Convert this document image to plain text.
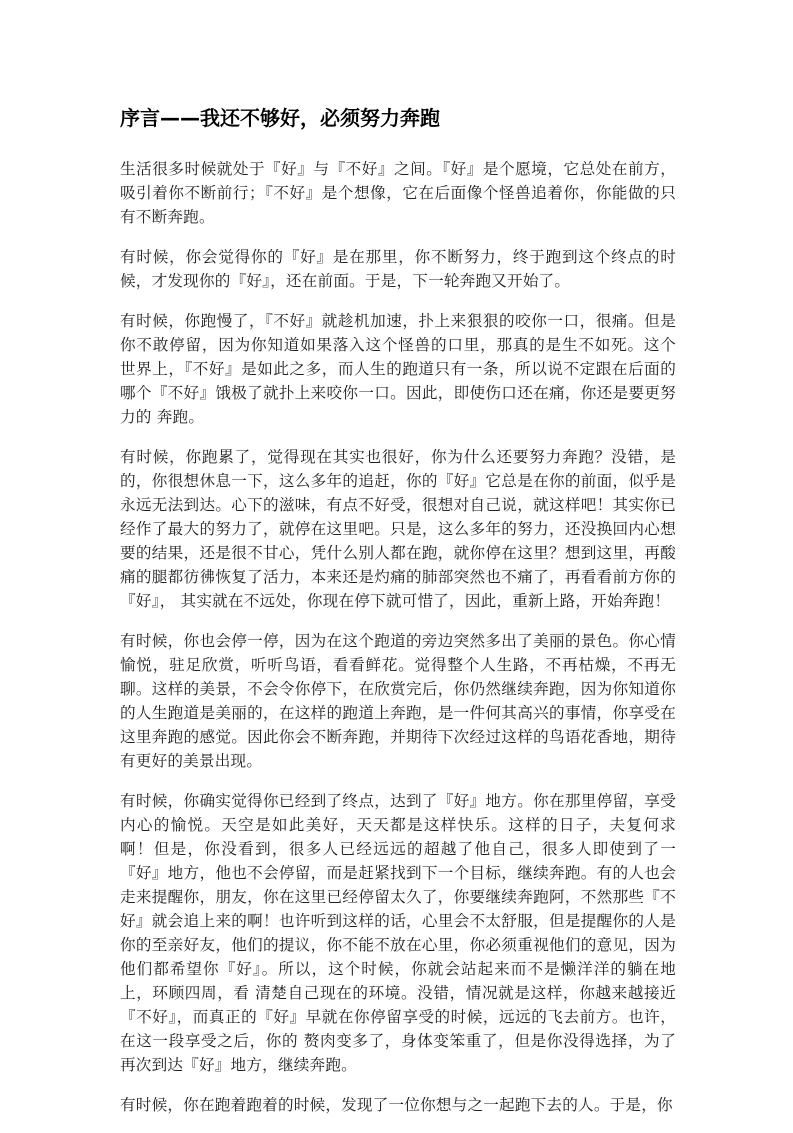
序言——我还不够好，必须努力奔跑

生活很多时候就处于『好』与『不好』之间。『好』是个愿境，它总处在前方，吸引着你不断前行；『不好』是个想像，它在后面像个怪兽追着你，你能做的只有不断奔跑。

有时候，你会觉得你的『好』是在那里，你不断努力，终于跑到这个终点的时候，才发现你的『好』，还在前面。于是，下一轮奔跑又开始了。

有时候，你跑慢了，『不好』就趁机加速，扑上来狠狠的咬你一口，很痛。但是你不敢停留，因为你知道如果落入这个怪兽的口里，那真的是生不如死。这个 世界上，『不好』是如此之多，而人生的跑道只有一条，所以说不定跟在后面的哪个『不好』饿极了就扑上来咬你一口。因此，即使伤口还在痛，你还是要更努力的 奔跑。

有时候，你跑累了，觉得现在其实也很好，你为什么还要努力奔跑？没错，是的，你很想休息一下，这么多年的追赶，你的『好』它总是在你的前面，似乎是 永远无法到达。心下的滋味，有点不好受，很想对自己说，就这样吧！其实你已经作了最大的努力了，就停在这里吧。只是，这么多年的努力，还没换回内心想要的结果，还是很不甘心，凭什么别人都在跑，就你停在这里？想到这里，再酸痛的腿都彷彿恢复了活力，本来还是灼痛的肺部突然也不痛了，再看看前方你的『好』， 其实就在不远处，你现在停下就可惜了，因此，重新上路，开始奔跑！

有时候，你也会停一停，因为在这个跑道的旁边突然多出了美丽的景色。你心情愉悦，驻足欣赏，听听鸟语，看看鲜花。觉得整个人生路，不再枯燥，不再无 聊。这样的美景，不会令你停下，在欣赏完后，你仍然继续奔跑，因为你知道你的人生跑道是美丽的，在这样的跑道上奔跑，是一件何其高兴的事情，你享受在这里奔跑的感觉。因此你会不断奔跑，并期待下次经过这样的鸟语花香地，期待有更好的美景出现。

有时候，你确实觉得你已经到了终点，达到了『好』地方。你在那里停留，享受内心的愉悦。天空是如此美好，天天都是这样快乐。这样的日子，夫复何求 啊！但是，你没看到，很多人已经远远的超越了他自己，很多人即使到了一『好』地方，他也不会停留，而是赶紧找到下一个目标，继续奔跑。有的人也会走来提醒你，朋友，你在这里已经停留太久了，你要继续奔跑阿，不然那些『不好』就会追上来的啊！也许听到这样的话，心里会不太舒服，但是提醒你的人是你的至亲好友，他们的提议，你不能不放在心里，你必须重视他们的意见，因为他们都希望你『好』。所以，这个时候，你就会站起来而不是懒洋洋的躺在地上，环顾四周，看 清楚自己现在的环境。没错，情况就是这样，你越来越接近『不好』，而真正的『好』早就在你停留享受的时候，远远的飞去前方。也许，在这一段享受之后，你的 赘肉变多了，身体变笨重了，但是你没得选择，为了再次到达『好』地方，继续奔跑。

有时候，你在跑着跑着的时候，发现了一位你想与之一起跑下去的人。于是，你
